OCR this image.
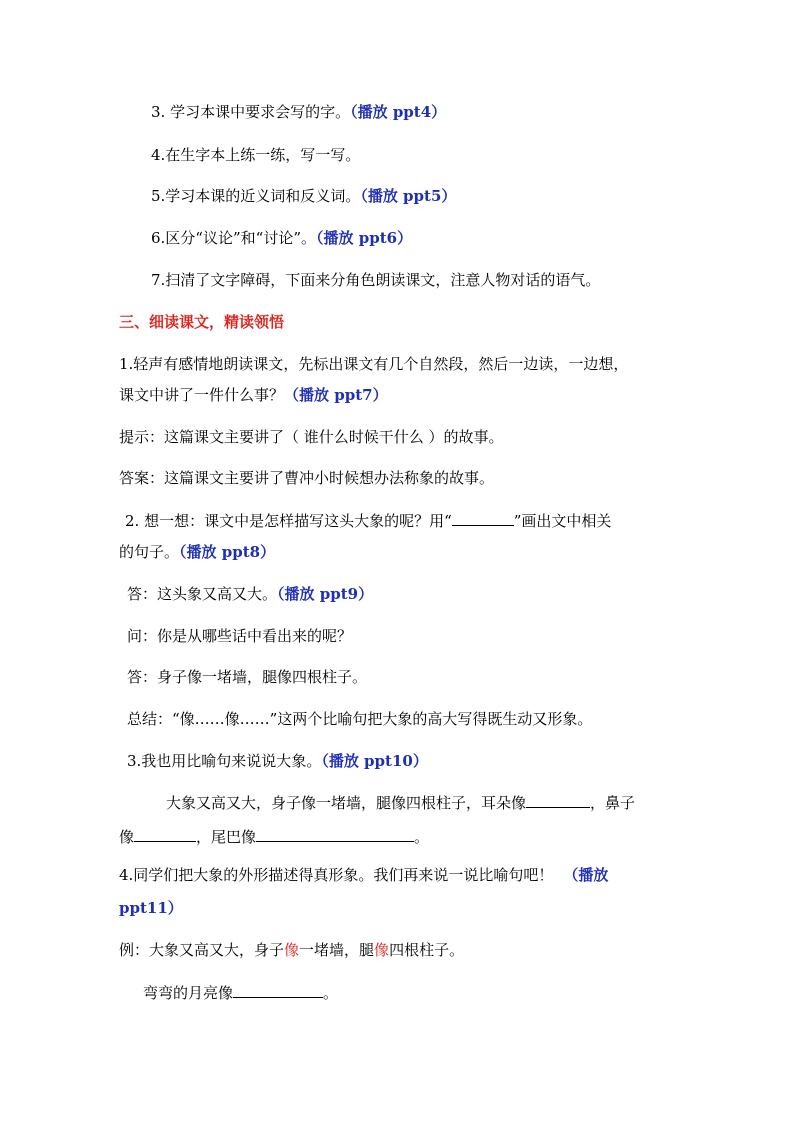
3. 学习本课中要求会写的字。（播放 ppt4）
4.在生字本上练一练，写一写。
5.学习本课的近义词和反义词。（播放 ppt5）
6.区分“议论”和“讨论”。（播放 ppt6）
7.扫清了文字障碍，下面来分角色朗读课文，注意人物对话的语气。
三、细读课文，精读领悟
1.轻声有感情地朗读课文，先标出课文有几个自然段，然后一边读，一边想，
课文中讲了一件什么事？（播放 ppt7）
提示：这篇课文主要讲了（ 谁什么时候干什么 ）的故事。
答案：这篇课文主要讲了曹冲小时候想办法称象的故事。
2. 想一想：课文中是怎样描写这头大象的呢？用“	”画出文中相关
的句子。（播放 ppt8）
答：这头象又高又大。（播放 ppt9）
问：你是从哪些话中看出来的呢？
答：身子像一堵墙，腿像四根柱子。
总结：“像……像……”这两个比喻句把大象的高大写得既生动又形象。
3.我也用比喻句来说说大象。（播放 ppt10）
大象又高又大，身子像一堵墙，腿像四根柱子，耳朵像	，鼻子
像	，尾巴像	。
4.同学们把大象的外形描述得真形象。我们再来说一说比喻句吧！ （播放
ppt11）
例：大象又高又大，身子像一堵墙，腿像四根柱子。
弯弯的月亮像	。
